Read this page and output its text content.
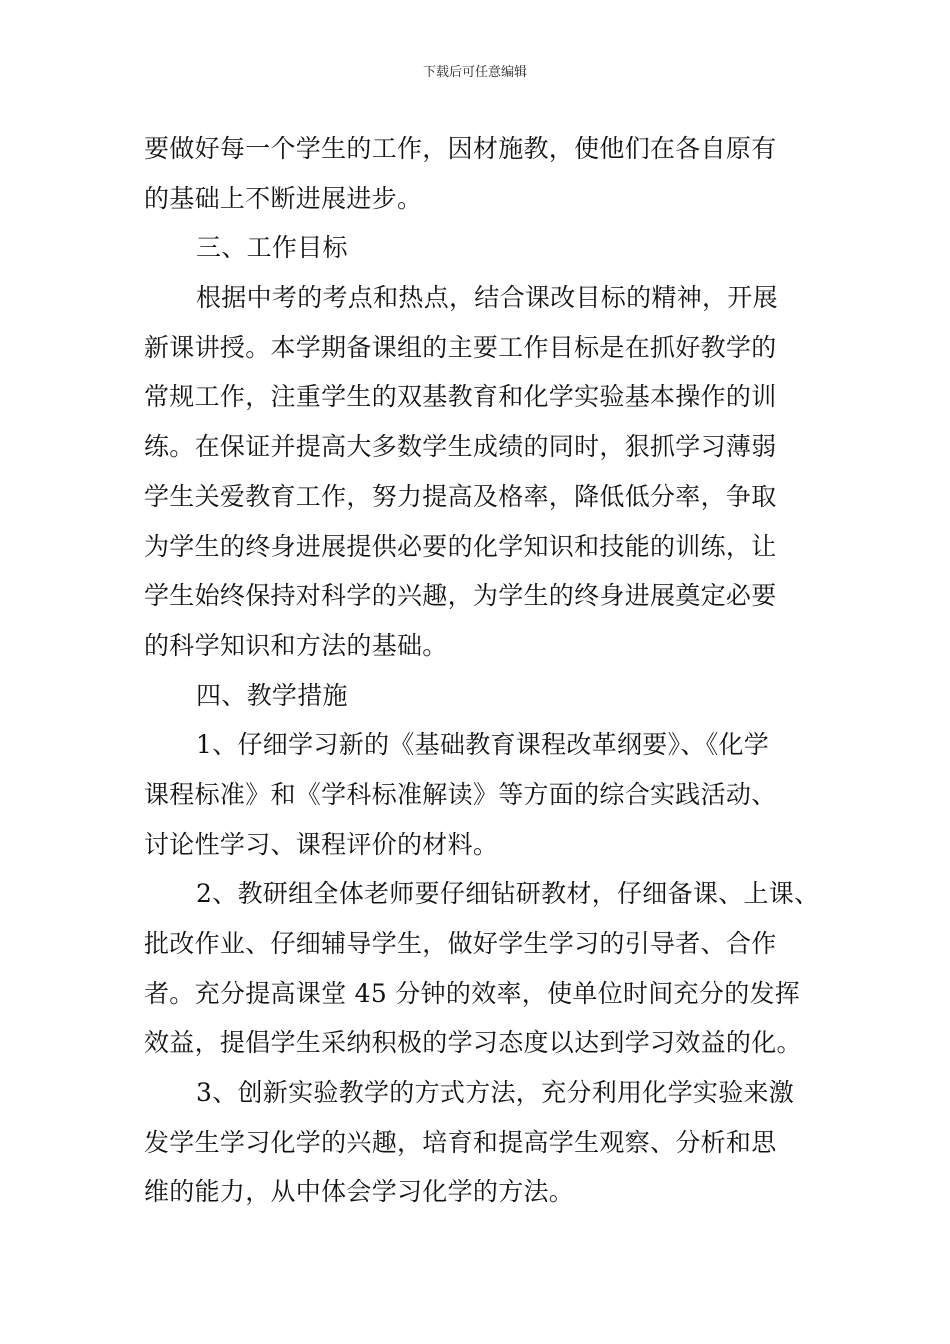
下载后可任意编辑
要做好每一个学生的工作，因材施教，使他们在各自原有
的基础上不断进展进步。
三、工作目标
根据中考的考点和热点，结合课改目标的精神，开展
新课讲授。本学期备课组的主要工作目标是在抓好教学的
常规工作，注重学生的双基教育和化学实验基本操作的训
练。在保证并提高大多数学生成绩的同时，狠抓学习薄弱
学生关爱教育工作，努力提高及格率，降低低分率，争取
为学生的终身进展提供必要的化学知识和技能的训练，让
学生始终保持对科学的兴趣，为学生的终身进展奠定必要
的科学知识和方法的基础。
四、教学措施
1、仔细学习新的《基础教育课程改革纲要》、《化学
课程标准》和《学科标准解读》等方面的综合实践活动、
讨论性学习、课程评价的材料。
2、教研组全体老师要仔细钻研教材，仔细备课、上课、
批改作业、仔细辅导学生，做好学生学习的引导者、合作
者。充分提高课堂 45 分钟的效率，使单位时间充分的发挥
效益，提倡学生采纳积极的学习态度以达到学习效益的化。
3、创新实验教学的方式方法，充分利用化学实验来激
发学生学习化学的兴趣，培育和提高学生观察、分析和思
维的能力，从中体会学习化学的方法。
